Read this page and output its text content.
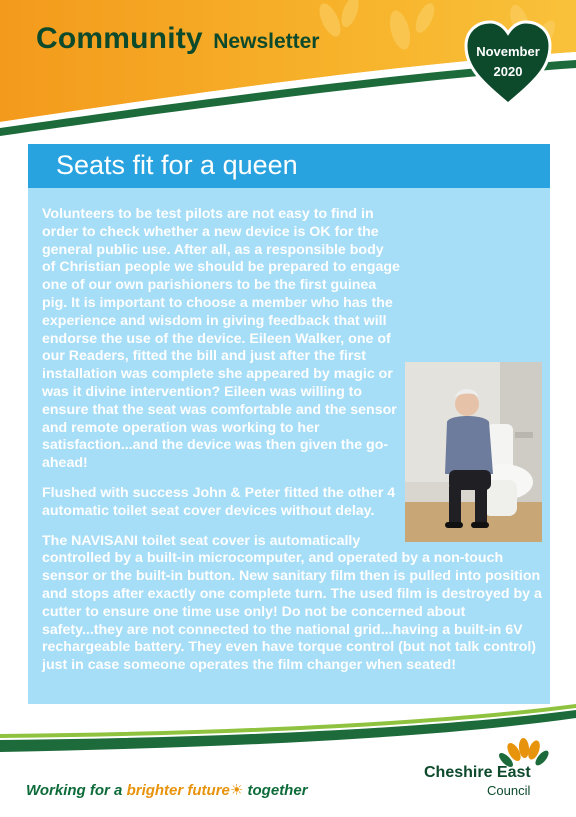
Community Newsletter	November
2020
Seats fit for a queen

Volunteers to be test pilots are not easy to find in order to check whether a new device is OK for the general public use. After all, as a responsible body of Christian people we should be prepared to engage one of our own parishioners to be the first guinea pig. It is important to choose a member who has the experience and wisdom in giving feedback that will endorse the use of the device. Eileen Walker, one of our Readers, fitted the bill and just after the first installation was complete she appeared by magic or was it divine intervention? Eileen was willing to ensure that the seat was comfortable and the sensor and remote operation was working to her satisfaction...and the device was then given the go-ahead!

Flushed with success John & Peter fitted the other 4 automatic toilet seat cover devices without delay.

The NAVISANI toilet seat cover is automatically controlled by a built-in microcomputer, and operated by a non-touch sensor or the built-in button. New sanitary film then is pulled into position and stops after exactly one complete turn. The used film is destroyed by a cutter to ensure one time use only! Do not be concerned about safety...they are not connected to the national grid...having a built-in 6V rechargeable battery. They even have torque control (but not talk control) just in case someone operates the film changer when seated!

Working for a brighter future☀ together
Cheshire East
Council
